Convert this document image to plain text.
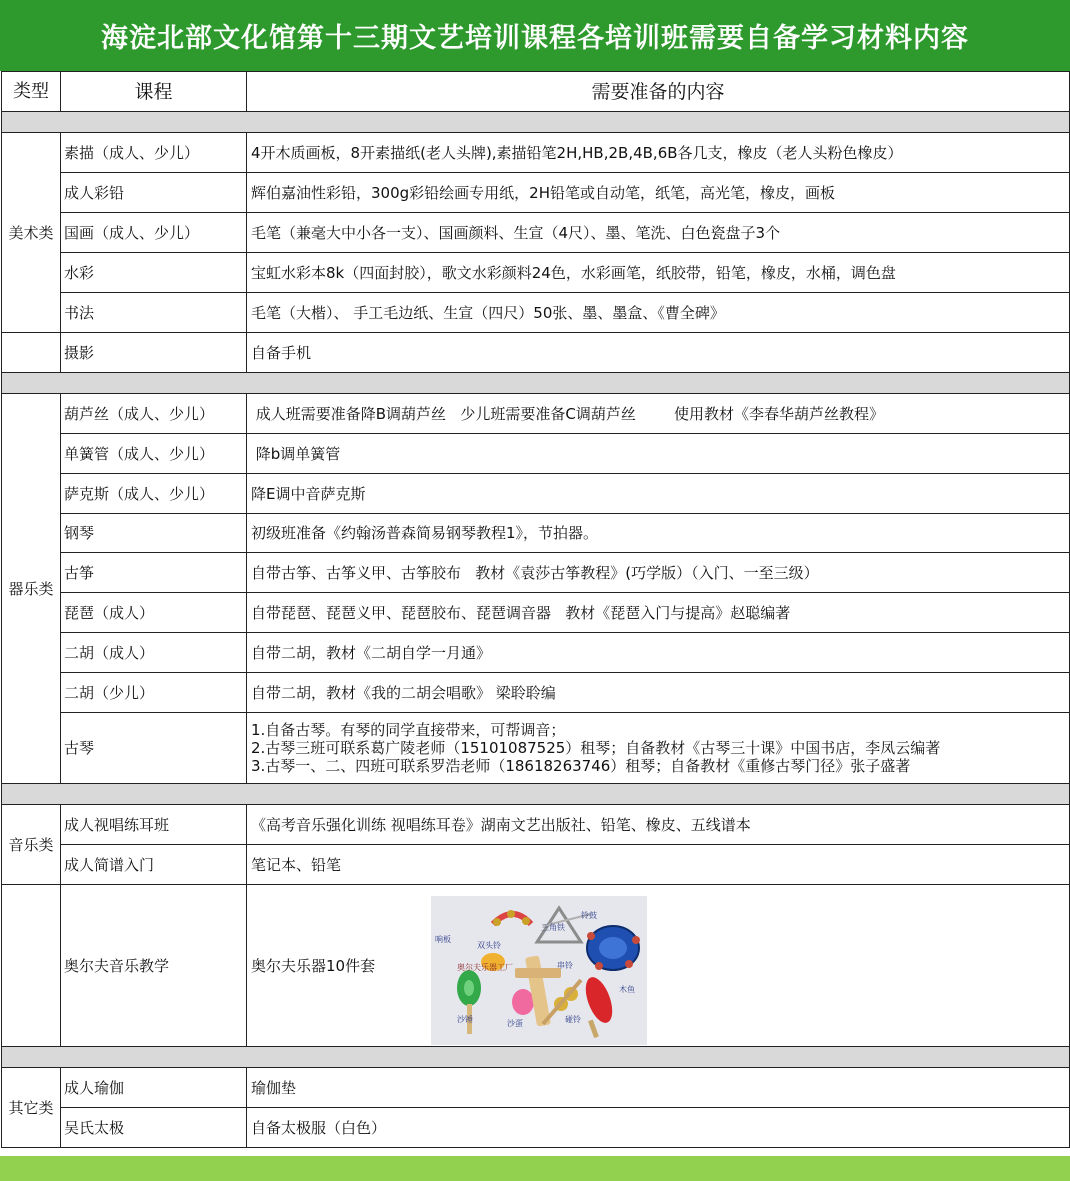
海淀北部文化馆第十三期文艺培训课程各培训班需要自备学习材料内容
类型	课程	需要准备的内容

美术类	素描（成人、少儿）	4开木质画板，8开素描纸(老人头牌),素描铅笔2H,HB,2B,4B,6B各几支，橡皮（老人头粉色橡皮）
	成人彩铅	辉伯嘉油性彩铅，300g彩铅绘画专用纸，2H铅笔或自动笔，纸笔，高光笔，橡皮，画板
	国画（成人、少儿）	毛笔（兼毫大中小各一支）、国画颜料、生宣（4尺）、墨、笔洗、白色瓷盘子3个
	水彩	宝虹水彩本8k（四面封胶），歌文水彩颜料24色，水彩画笔，纸胶带，铅笔，橡皮，水桶，调色盘
	书法	毛笔（大楷）、 手工毛边纸、生宣（四尺）50张、墨、墨盒、《曹全碑》
	摄影	自备手机

器乐类	葫芦丝（成人、少儿）	成人班需要准备降B调葫芦丝   少儿班需要准备C调葫芦丝        使用教材《李春华葫芦丝教程》
	单簧管（成人、少儿）	降b调单簧管
	萨克斯（成人、少儿）	降E调中音萨克斯
	钢琴	初级班准备《约翰汤普森简易钢琴教程1》，节拍器。
	古筝	自带古筝、古筝义甲、古筝胶布   教材《袁莎古筝教程》(巧学版）（入门、一至三级）
	琵琶（成人）	自带琵琶、琵琶义甲、琵琶胶布、琵琶调音器   教材《琵琶入门与提高》赵聪编著
	二胡（成人）	自带二胡，教材《二胡自学一月通》
	二胡（少儿）	自带二胡，教材《我的二胡会唱歌》 梁聆聆编
	古琴	1.自备古琴。有琴的同学直接带来，可帮调音；
2.古琴三班可联系葛广陵老师（15101087525）租琴；自备教材《古琴三十课》中国书店，李凤云编著
3.古琴一、二、四班可联系罗浩老师（18618263746）租琴；自备教材《重修古琴门径》张子盛著

音乐类	成人视唱练耳班	《高考音乐强化训练 视唱练耳卷》湖南文艺出版社、铅笔、橡皮、五线谱本
	成人简谱入门	笔记本、铅笔
	奥尔夫音乐教学	奥尔夫乐器10件套

其它类	成人瑜伽	瑜伽垫
	吴氏太极	自备太极服（白色）
响板
双头铃
三角铁
铃鼓
串铃
奥尔夫乐器工厂
沙锤	沙蛋	碰铃
木鱼
